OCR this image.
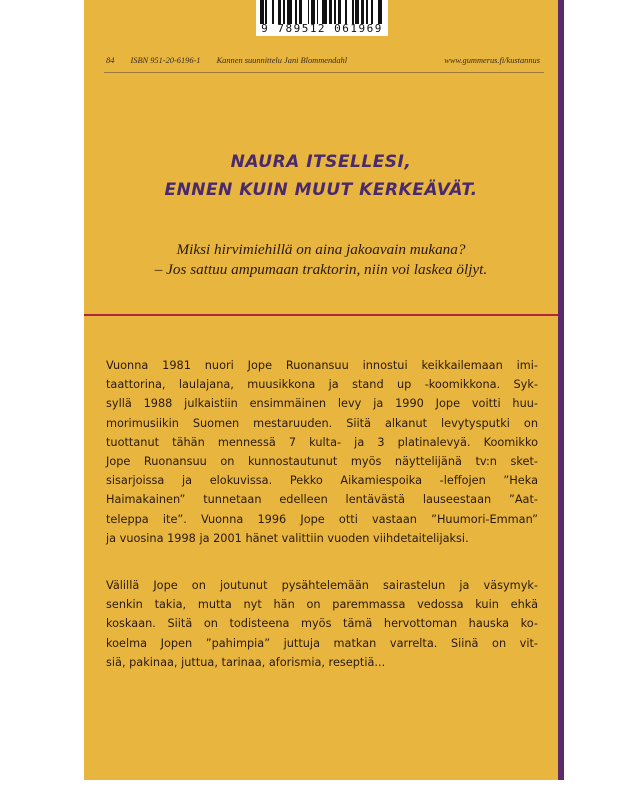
9 789512 061969
84 ISBN 951-20-6196-1 Kannen suunnittelu Jani Blommendahl	www.gummerus.fi/kustannus
NAURA ITSELLESI,
ENNEN KUIN MUUT KERKEÄVÄT.
Miksi hirvimiehillä on aina jakoavain mukana?
– Jos sattuu ampumaan traktorin, niin voi laskea öljyt.

Vuonna 1981 nuori Jope Ruonansuu innostui keikkailemaan imi-
taattorina, laulajana, muusikkona ja stand up -koomikkona. Syk-
syllä 1988 julkaistiin ensimmäinen levy ja 1990 Jope voitti huu-
morimusiikin Suomen mestaruuden. Siitä alkanut levytysputki on
tuottanut tähän mennessä 7 kulta- ja 3 platinalevyä. Koomikko
Jope Ruonansuu on kunnostautunut myös näyttelijänä tv:n sket-
sisarjoissa ja elokuvissa. Pekko Aikamiespoika -leffojen ”Heka
Haimakainen” tunnetaan edelleen lentävästä lauseestaan ”Aat-
teleppa ite”. Vuonna 1996 Jope otti vastaan ”Huumori-Emman”
ja vuosina 1998 ja 2001 hänet valittiin vuoden viihdetaitelijaksi.

Välillä Jope on joutunut pysähtelemään sairastelun ja väsymyk-
senkin takia, mutta nyt hän on paremmassa vedossa kuin ehkä
koskaan. Siitä on todisteena myös tämä hervottoman hauska ko-
koelma Jopen ”pahimpia” juttuja matkan varrelta. Siinä on vit-
siä, pakinaa, juttua, tarinaa, aforismia, reseptiä...
